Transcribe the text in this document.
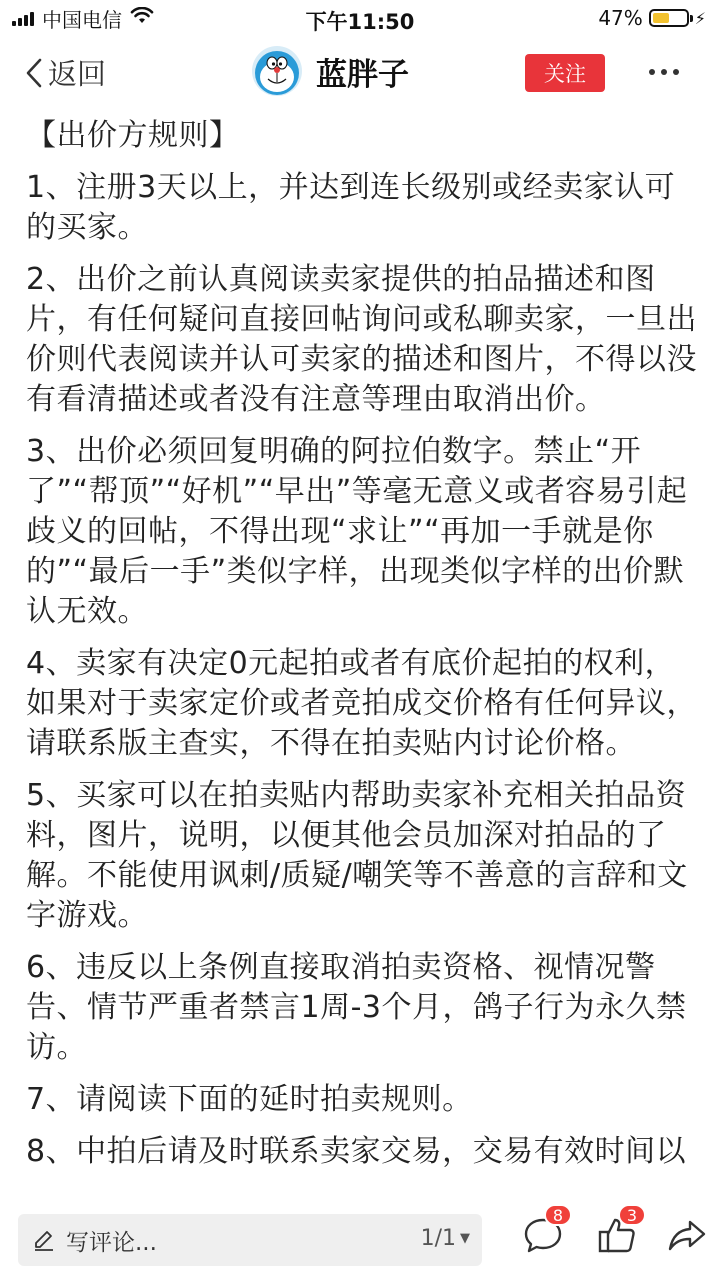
中国电信	下午11:50	47%	⚡
返回	蓝胖子	关注

【出价方规则】

1、注册3天以上，并达到连长级别或经卖家认可的买家。

2、出价之前认真阅读卖家提供的拍品描述和图片，有任何疑问直接回帖询问或私聊卖家，一旦出价则代表阅读并认可卖家的描述和图片，不得以没有看清描述或者没有注意等理由取消出价。

3、出价必须回复明确的阿拉伯数字。禁止“开了”“帮顶”“好机”“早出”等毫无意义或者容易引起歧义的回帖，不得出现“求让”“再加一手就是你的”“最后一手”类似字样，出现类似字样的出价默认无效。

4、卖家有决定0元起拍或者有底价起拍的权利，如果对于卖家定价或者竞拍成交价格有任何异议，请联系版主查实，不得在拍卖贴内讨论价格。

5、买家可以在拍卖贴内帮助卖家补充相关拍品资料，图片，说明，以便其他会员加深对拍品的了解。不能使用讽刺/质疑/嘲笑等不善意的言辞和文字游戏。

6、违反以上条例直接取消拍卖资格、视情况警告、情节严重者禁言1周-3个月，鸽子行为永久禁访。

7、请阅读下面的延时拍卖规则。

8、中拍后请及时联系卖家交易，交易有效时间以

写评论...	1/1 ▼
8	3
